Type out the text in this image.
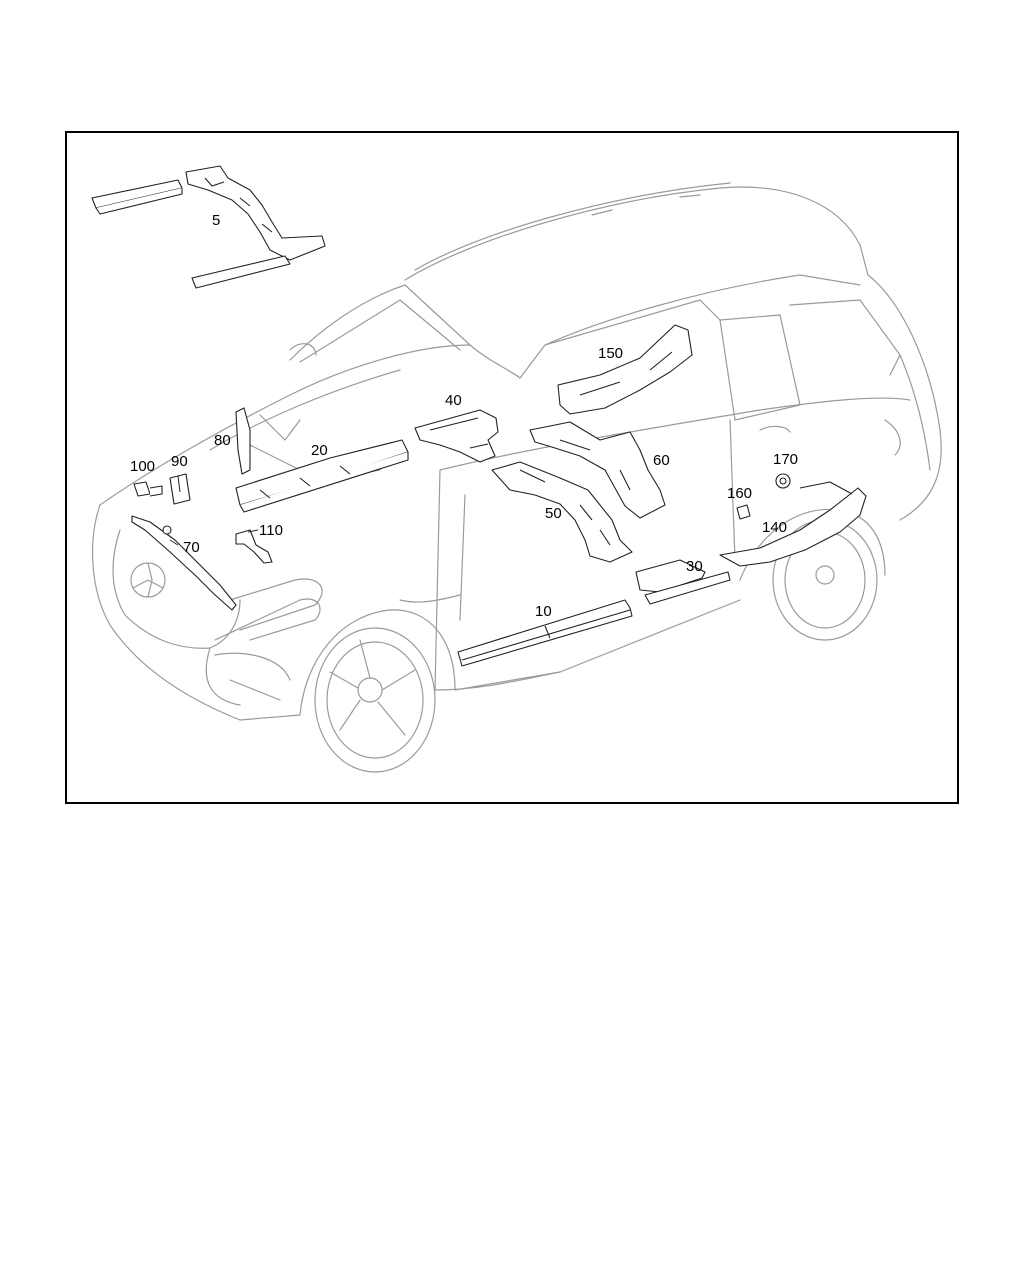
5
10
20
30
40
50
60
70
80
90
100
110	140
150
160
170
